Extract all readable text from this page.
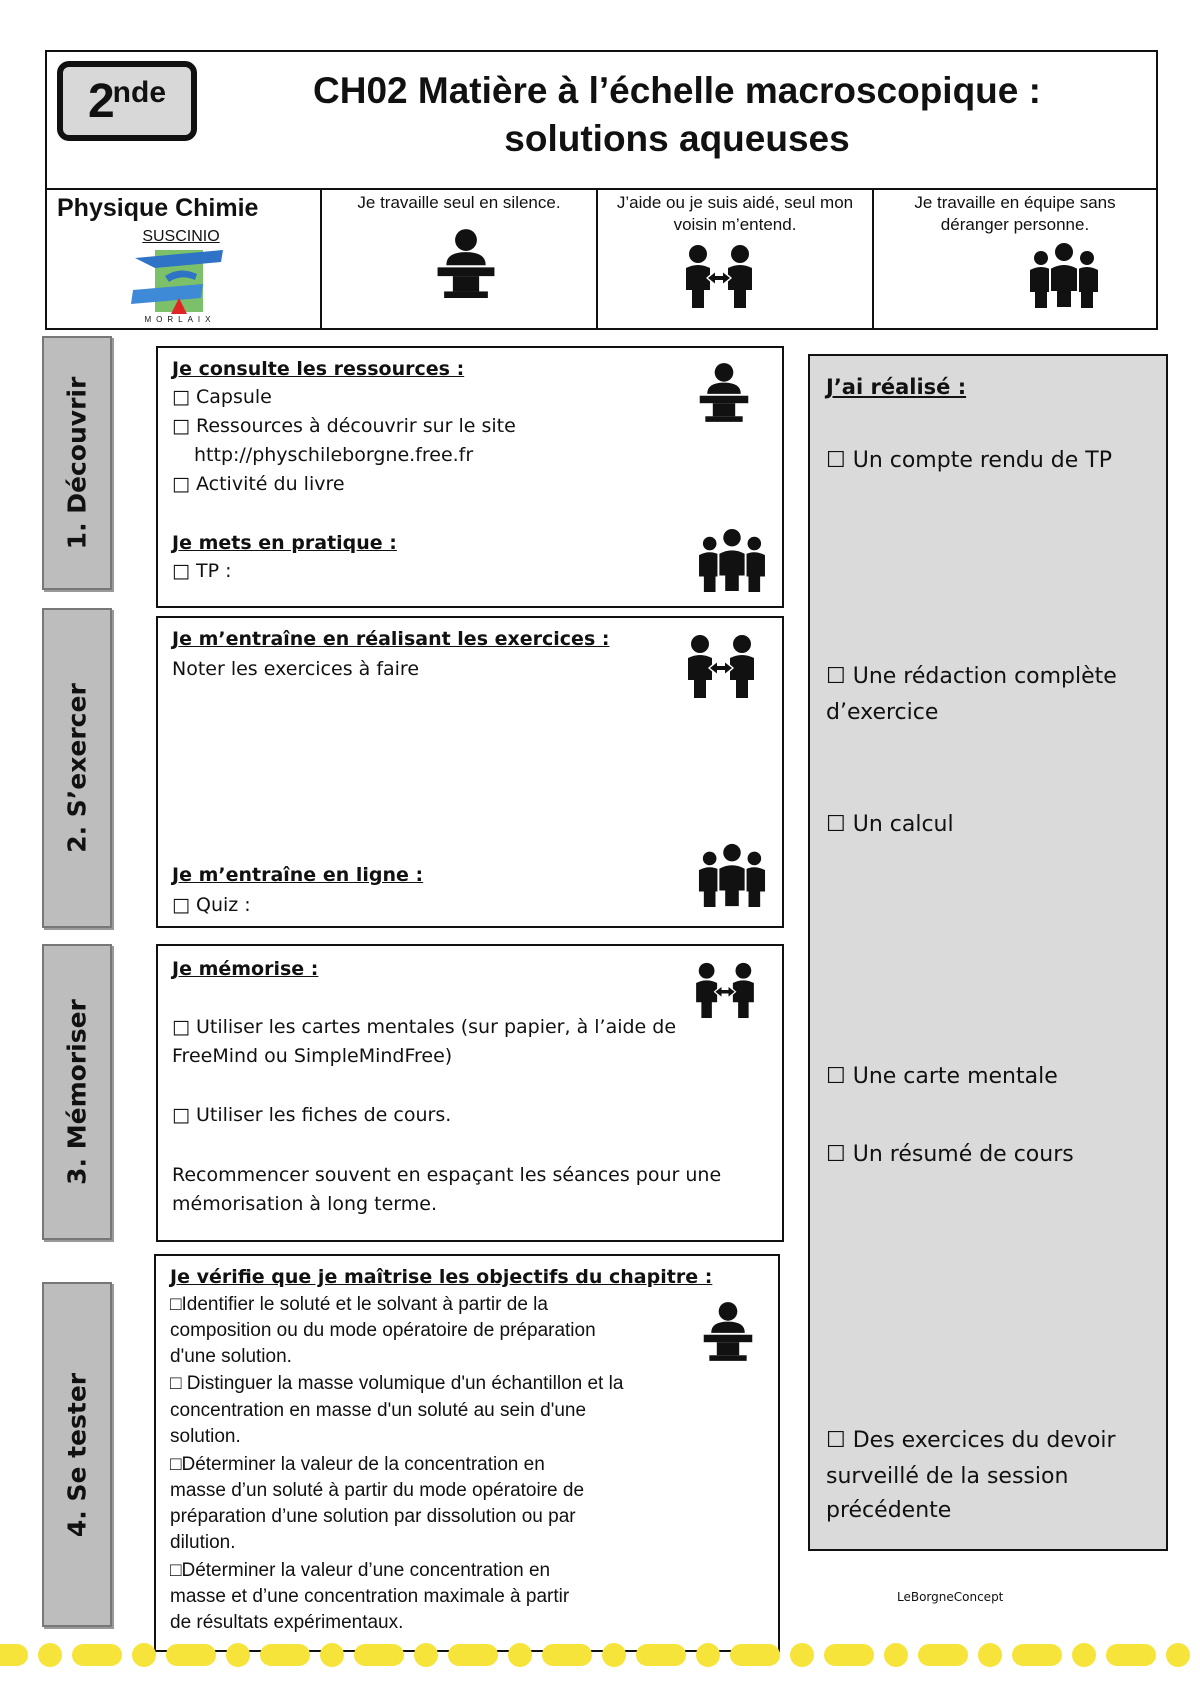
2 nde	CH02 Matière à l’échelle macroscopique :
solutions aqueuses
Physique Chimie
SUSCINIO
MORLAIX
Je travaille seul en silence.	J’aide ou je suis aidé, seul mon voisin m’entend.
Je travaille en équipe sans déranger personne.
1. Découvrir
2. S’exercer
3. Mémoriser
4. Se tester
Je consulte les ressources :
□ Capsule
□ Ressources à découvrir sur le site
http://physchileborgne.free.fr
□ Activité du livre
Je mets en pratique :
□ TP :
Je m’entraîne en réalisant les exercices :
Noter les exercices à faire
Je m’entraîne en ligne :
□ Quiz :
Je mémorise :
□ Utiliser les cartes mentales (sur papier, à l’aide de
FreeMind ou SimpleMindFree)
□ Utiliser les fiches de cours.
Recommencer souvent en espaçant les séances pour une
mémorisation à long terme.
Je vérifie que je maîtrise les objectifs du chapitre :
□Identifier le soluté et le solvant à partir de la
composition ou du mode opératoire de préparation
d'une solution.
□ Distinguer la masse volumique d'un échantillon et la
concentration en masse d'un soluté au sein d'une
solution.
□Déterminer la valeur de la concentration en
masse d’un soluté à partir du mode opératoire de
préparation d’une solution par dissolution ou par
dilution.
□Déterminer la valeur d’une concentration en
masse et d’une concentration maximale à partir
de résultats expérimentaux.
J’ai réalisé :
☐ Un compte rendu de TP
☐ Une rédaction complète
d’exercice
☐ Un calcul
☐ Une carte mentale
☐ Un résumé de cours
☐ Des exercices du devoir
surveillé de la session
précédente
LeBorgneConcept
